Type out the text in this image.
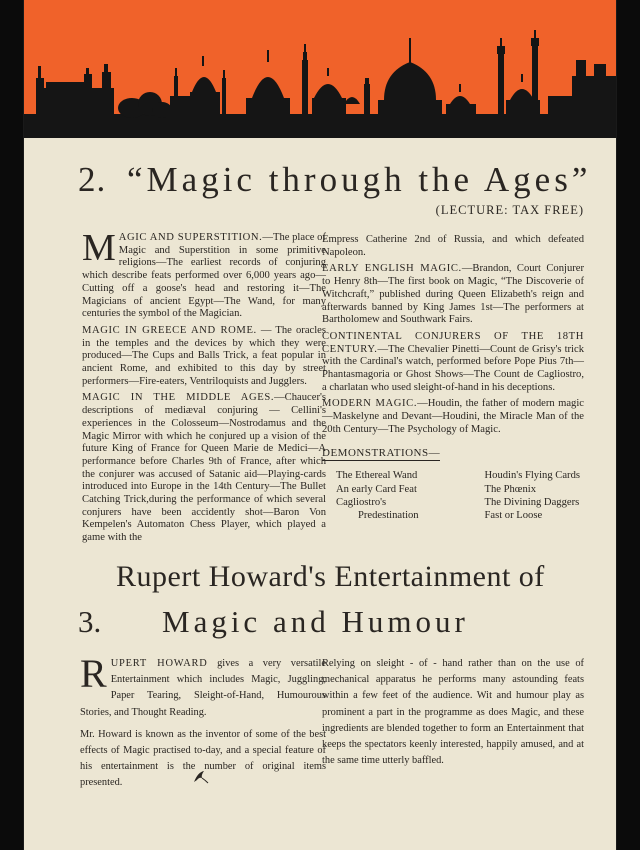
2. “Magic through the Ages”
(LECTURE: TAX FREE)

M AGIC AND SUPERSTITION.—The place of Magic and Superstition in some primitive religions—The earliest records of conjuring which describe feats performed over 6,000 years ago—Cutting off a goose's head and restoring it—The Magicians of ancient Egypt—The Wand, for many centuries the symbol of the Magician.

MAGIC IN GREECE AND ROME. — The oracles in the temples and the devices by which they were produced—The Cups and Balls Trick, a feat popular in ancient Rome, and exhibited to this day by street performers—Fire-eaters, Ventriloquists and Jugglers.

MAGIC IN THE MIDDLE AGES.—Chaucer's descriptions of mediæval conjuring — Cellini's experiences in the Colosseum—Nostrodamus and the Magic Mirror with which he conjured up a vision of the future King of France for Queen Marie de Medici—A performance before Charles 9th of France, after which the conjurer was accused of Satanic aid—Playing-cards introduced into Europe in the 14th Century—The Bullet Catching Trick,during the performance of which several conjurers have been accidently shot—Baron Von Kempelen's Automaton Chess Player, which played a game with the

Empress Catherine 2nd of Russia, and which defeated Napoleon.

EARLY ENGLISH MAGIC.—Brandon, Court Conjurer to Henry 8th—The first book on Magic, “The Discoverie of Witchcraft,” published during Queen Elizabeth's reign and afterwards banned by King James 1st—The performers at Bartholomew and Southwark Fairs.

CONTINENTAL CONJURERS OF THE 18TH CENTURY.—The Chevalier Pinetti—Count de Grisy's trick with the Cardinal's watch, performed before Pope Pius 7th—Phantasmagoria or Ghost Shows—The Count de Cagliostro, a charlatan who used sleight-of-hand in his deceptions.

MODERN MAGIC.—Houdin, the father of modern magic—Maskelyne and Devant—Houdini, the Miracle Man of the 20th Century—The Psychology of Magic.

DEMONSTRATIONS—
The Ethereal Wand
An early Card Feat
Cagliostro's
Predestination
Houdin's Flying Cards
The Phœnix
The Divining Daggers
Fast or Loose
Rupert Howard's Entertainment of
3. Magic and Humour

R UPERT HOWARD gives a very versatile Entertainment which includes Magic, Juggling, Paper Tearing, Sleight-of-Hand, Humourous Stories, and Thought Reading.

Mr. Howard is known as the inventor of some of the best effects of Magic practised to-day, and a special feature of his entertainment is the number of original items presented.

Relying on sleight - of - hand rather than on the use of mechanical apparatus he performs many astounding feats within a few feet of the audience. Wit and humour play as prominent a part in the programme as does Magic, and these ingredients are blended together to form an Entertainment that keeps the spectators keenly interested, happily amused, and at the same time utterly baffled.
